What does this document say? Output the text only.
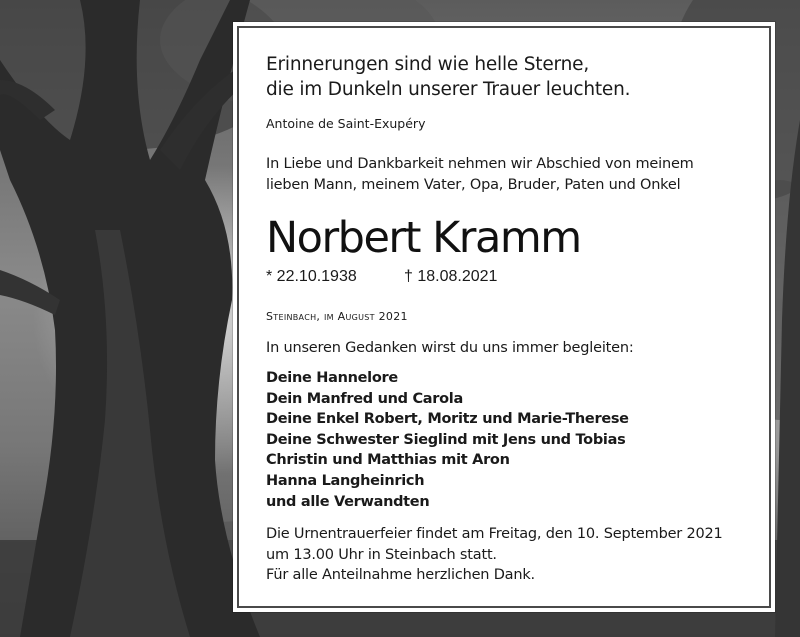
Erinnerungen sind wie helle Sterne,
die im Dunkeln unserer Trauer leuchten.

Antoine de Saint-Exupéry

In Liebe und Dankbarkeit nehmen wir Abschied von meinem
lieben Mann, meinem Vater, Opa, Bruder, Paten und Onkel

Norbert Kramm

* 22.10.1938	† 18.08.2021

Steinbach, im August 2021

In unseren Gedanken wirst du uns immer begleiten:

Deine Hannelore
Dein Manfred und Carola
Deine Enkel Robert, Moritz und Marie-Therese
Deine Schwester Sieglind mit Jens und Tobias
Christin und Matthias mit Aron
Hanna Langheinrich
und alle Verwandten

Die Urnentrauerfeier findet am Freitag, den 10. September 2021
um 13.00 Uhr in Steinbach statt.
Für alle Anteilnahme herzlichen Dank.
